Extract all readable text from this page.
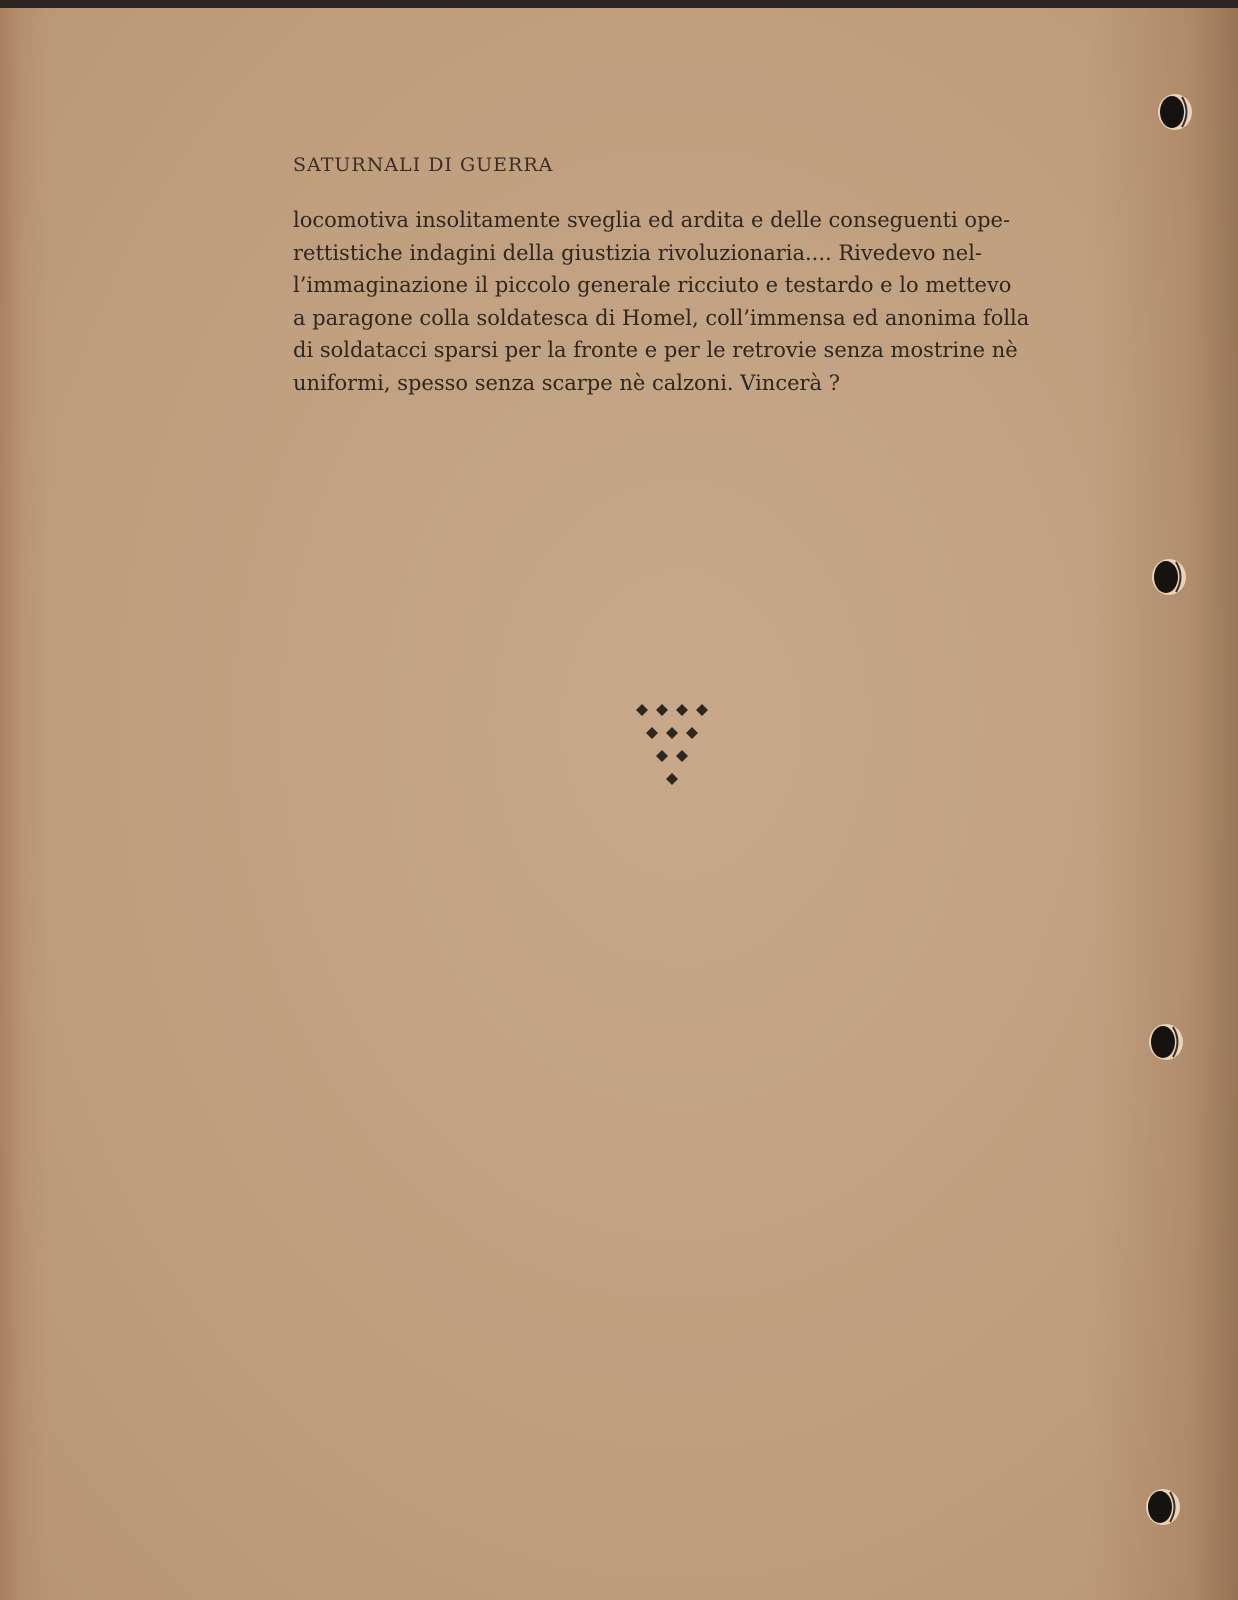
SATURNALI DI GUERRA

locomotiva insolitamente sveglia ed ardita e delle conseguenti ope-
rettistiche indagini della giustizia rivoluzionaria.... Rivedevo nel-
l’immaginazione il piccolo generale ricciuto e testardo e lo mettevo
a paragone colla soldatesca di Homel, coll’immensa ed anonima folla
di soldatacci sparsi per la fronte e per le retrovie senza mostrine nè
uniformi, spesso senza scarpe nè calzoni. Vincerà ?
